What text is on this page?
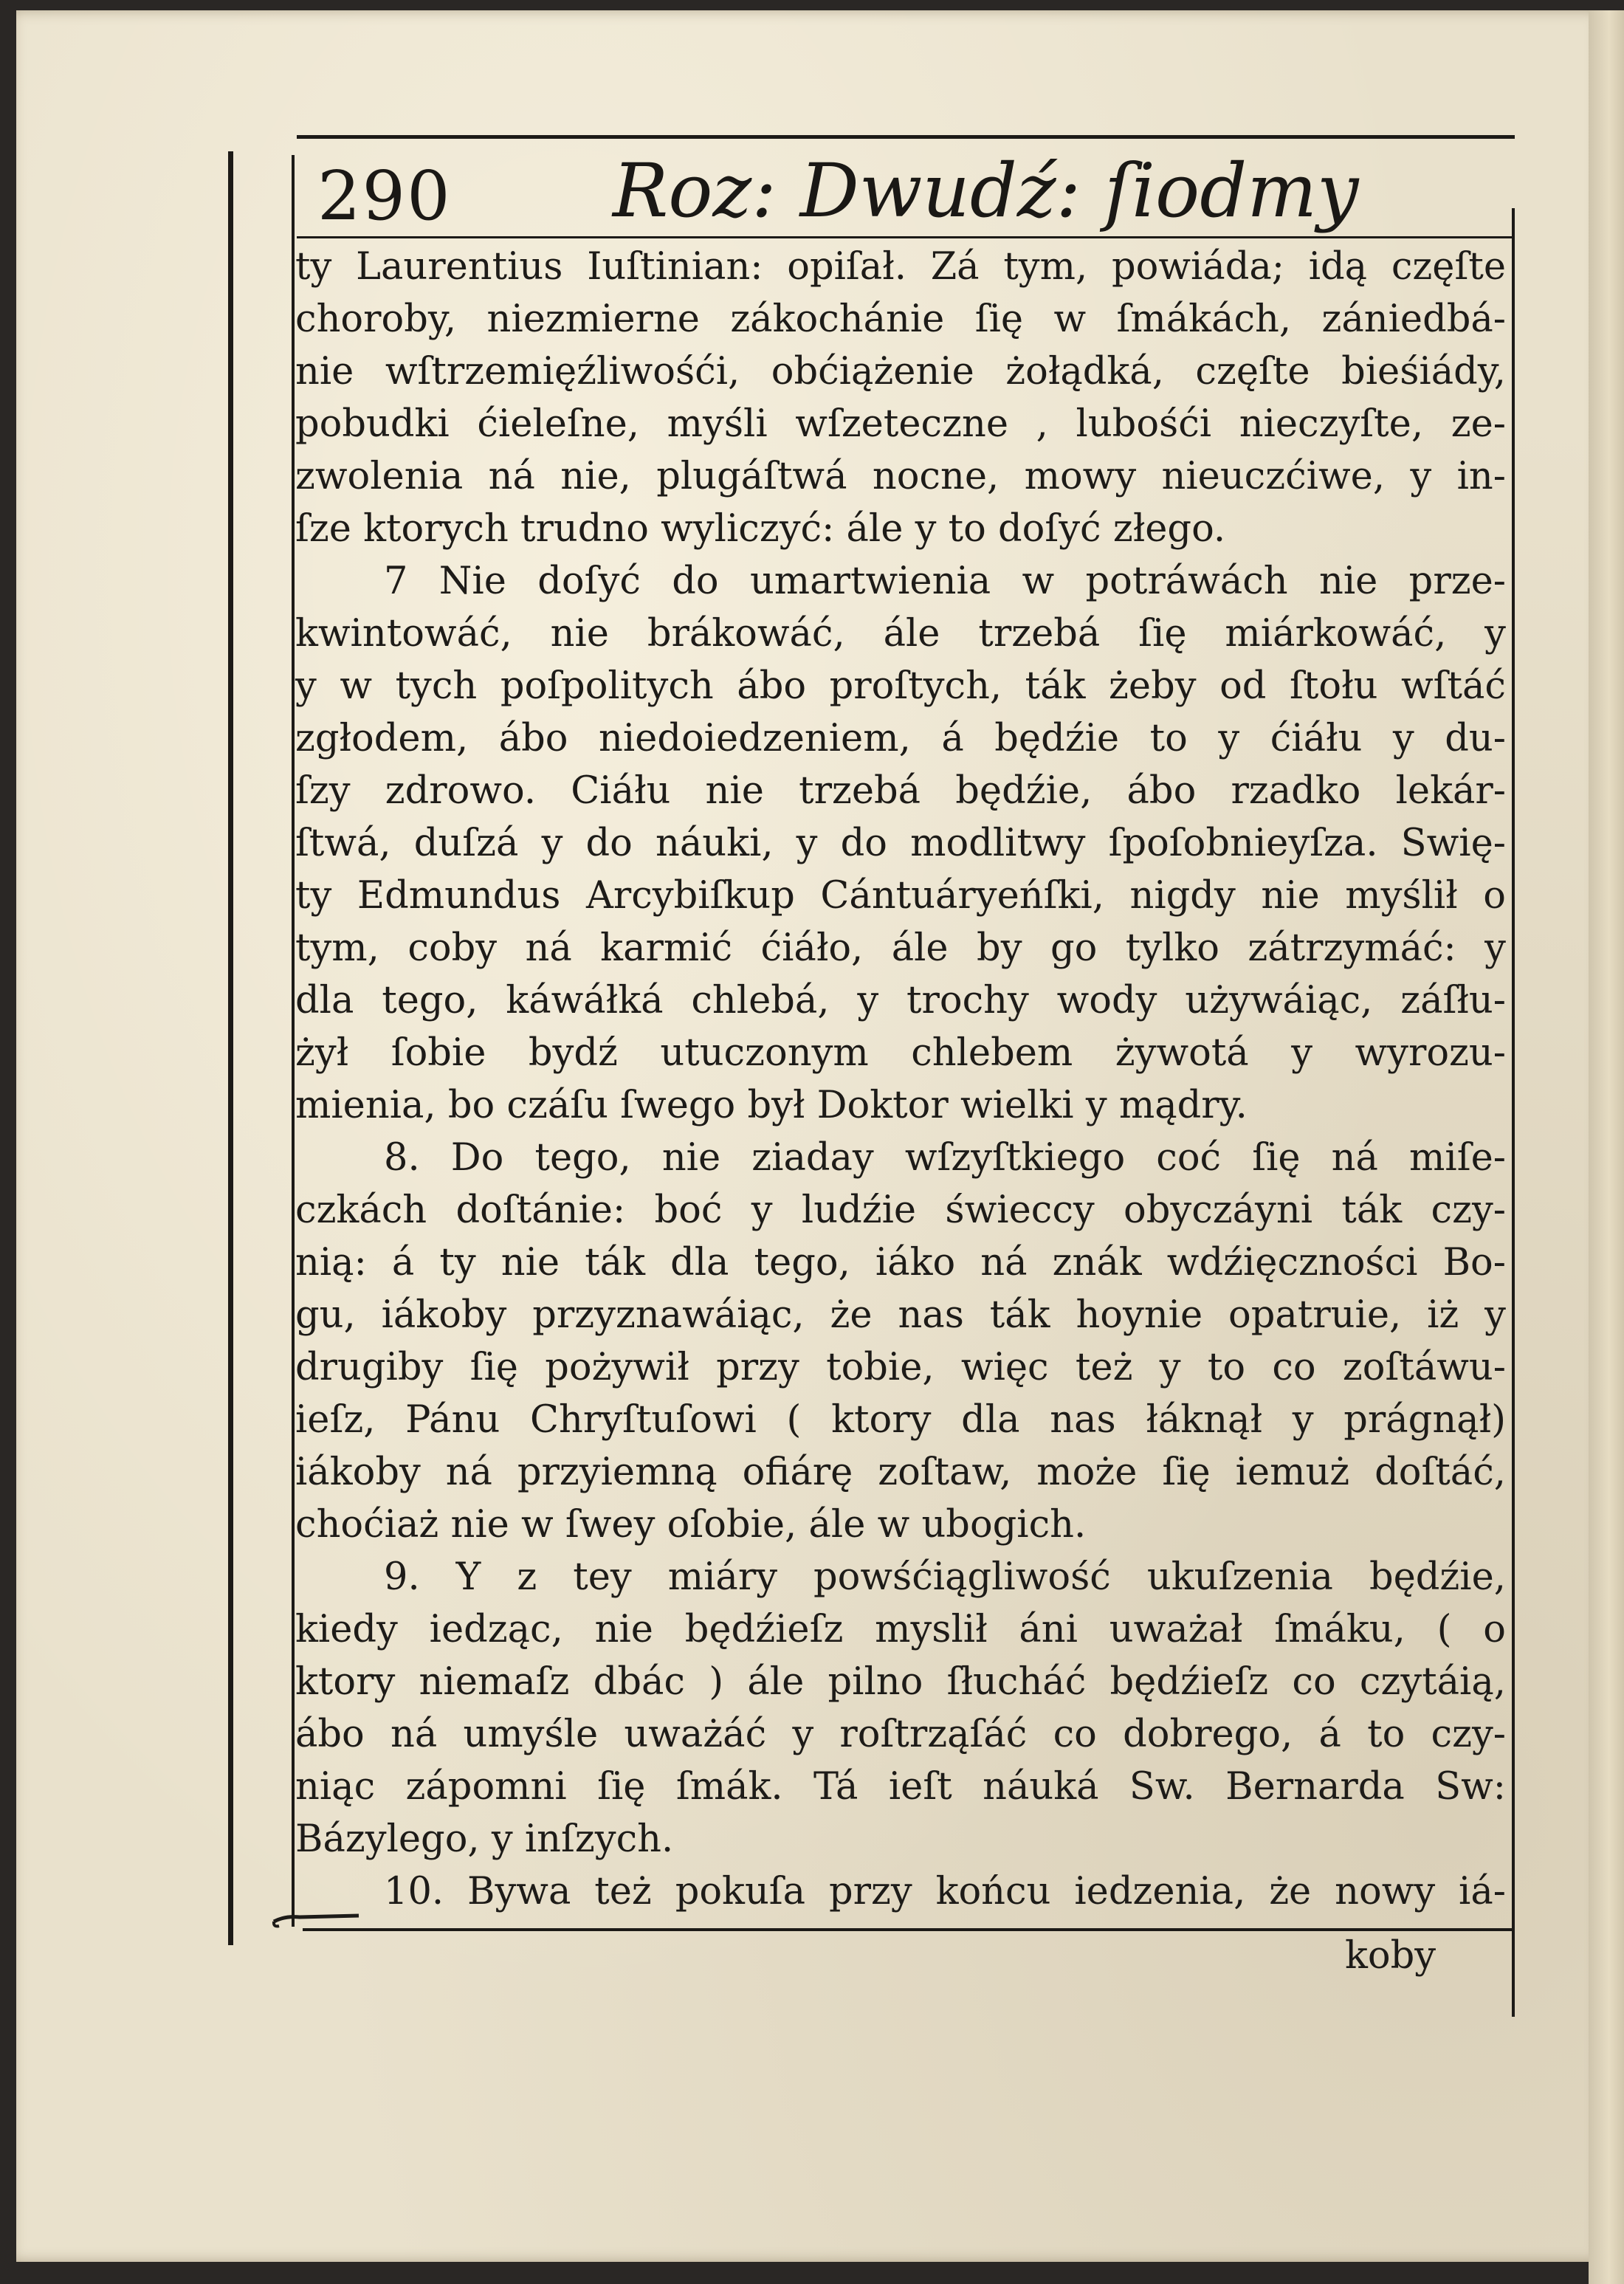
290 Roz: Dwudź: ſiodmy
ty Laurentius Iuſtinian: opiſał. Zá tym, powiáda; idą częſte
choroby, niezmierne zákochánie ſię w ſmákách, zániedbá-
nie wſtrzemięźliwośći, obćiążenie żołądká, częſte bieśiády,
pobudki ćieleſne, myśli wſzeteczne , lubośći nieczyſte, ze-
zwolenia ná nie, plugáſtwá nocne, mowy nieuczćiwe, y in-
ſze ktorych trudno wyliczyć: ále y to doſyć złego.
7 Nie doſyć do umartwienia w potráwách nie prze-
kwintowáć, nie brákowáć, ále trzebá ſię miárkowáć, y
y w tych poſpolitych ábo proſtych, ták żeby od ſtołu wſtáć
zgłodem, ábo niedoiedzeniem, á będźie to y ćiáłu y du-
ſzy zdrowo. Ciáłu nie trzebá będźie, ábo rzadko lekár-
ſtwá, duſzá y do náuki, y do modlitwy ſpoſobnieyſza. Swię-
ty Edmundus Arcybiſkup Cántuáryeńſki, nigdy nie myślił o
tym, coby ná karmić ćiáło, ále by go tylko zátrzymáć: y
dla tego, káwáłká chlebá, y trochy wody używáiąc, záſłu-
żył ſobie bydź utuczonym chlebem żywotá y wyrozu-
mienia, bo czáſu ſwego był Doktor wielki y mądry.
8. Do tego, nie ziaday wſzyſtkiego coć ſię ná miſe-
czkách doſtánie: boć y ludźie świeccy obyczáyni ták czy-
nią: á ty nie ták dla tego, iáko ná znák wdźięczności Bo-
gu, iákoby przyznawáiąc, że nas ták hoynie opatruie, iż y
drugiby ſię pożywił przy tobie, więc też y to co zoſtáwu-
ieſz, Pánu Chryſtuſowi ( ktory dla nas łáknął y prágnął)
iákoby ná przyiemną ofiárę zoſtaw, może ſię iemuż doſtáć,
choćiaż nie w ſwey oſobie, ále w ubogich.
9. Y z tey miáry powśćiągliwość ukuſzenia będźie,
kiedy iedząc, nie będźieſz myslił áni uważał ſmáku, ( o
ktory niemaſz dbác ) ále pilno ſłucháć będźieſz co czytáią,
ábo ná umyśle uważáć y roſtrząſáć co dobrego, á to czy-
niąc zápomni ſię ſmák. Tá ieſt náuká Sw. Bernarda Sw:
Bázylego, y inſzych.
10. Bywa też pokuſa przy końcu iedzenia, że nowy iá-
koby
